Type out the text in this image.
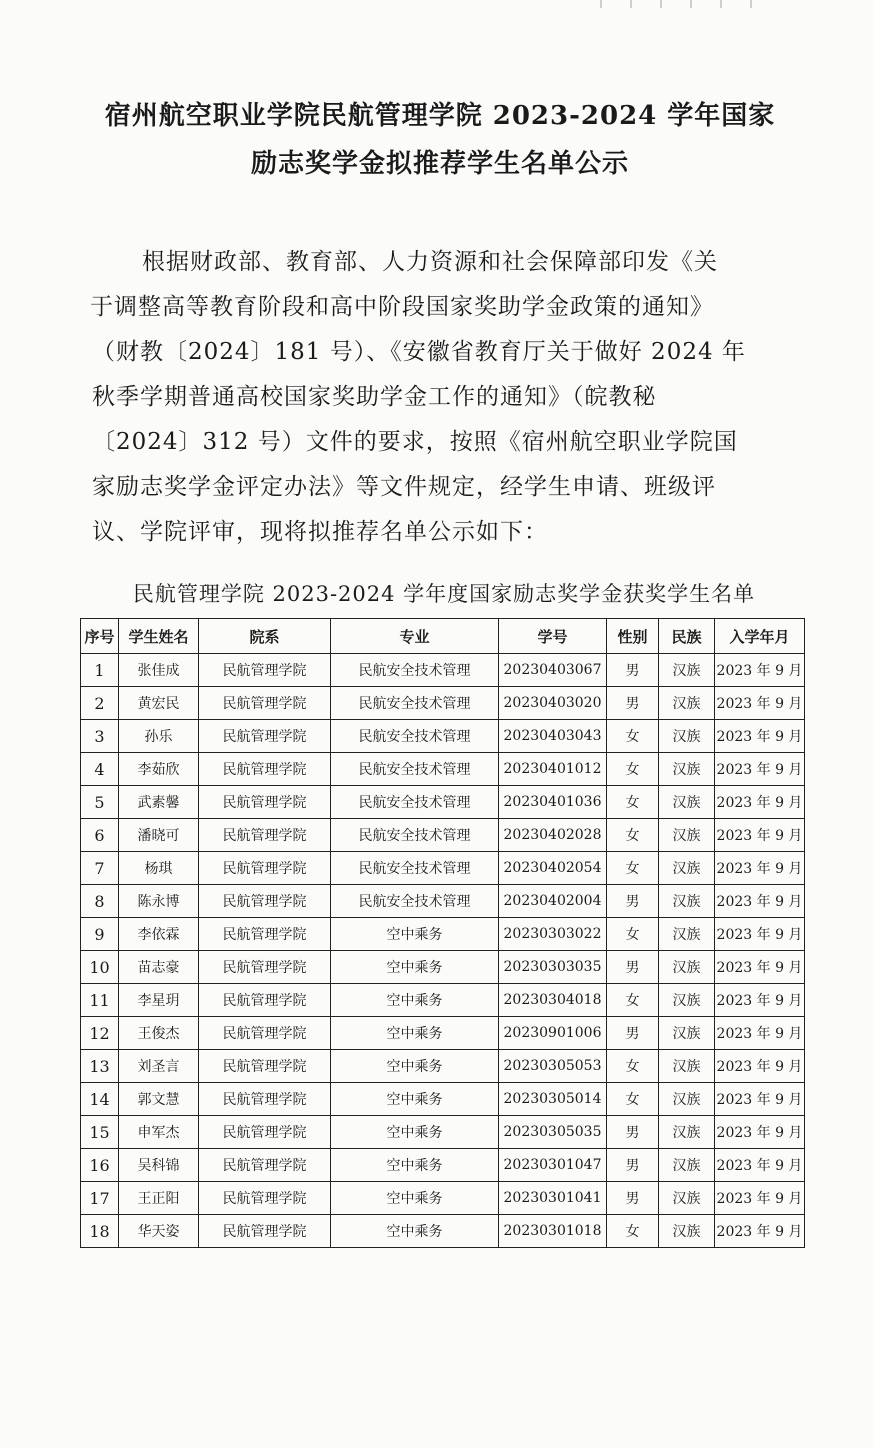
宿州航空职业学院民航管理学院 2023-2024 学年国家
励志奖学金拟推荐学生名单公示
根据财政部、教育部、人力资源和社会保障部印发《关
于调整高等教育阶段和高中阶段国家奖助学金政策的通知》
（财教〔2024〕181 号）、《安徽省教育厅关于做好 2024 年
秋季学期普通高校国家奖助学金工作的通知》（皖教秘
〔2024〕312 号）文件的要求，按照《宿州航空职业学院国
家励志奖学金评定办法》等文件规定，经学生申请、班级评
议、学院评审，现将拟推荐名单公示如下：
民航管理学院 2023-2024 学年度国家励志奖学金获奖学生名单
序号	学生姓名	院系	专业	学号	性别	民族	入学年月
1	张佳成	民航管理学院	民航安全技术管理	20230403067	男	汉族	2023 年 9 月
2	黄宏民	民航管理学院	民航安全技术管理	20230403020	男	汉族	2023 年 9 月
3	孙乐	民航管理学院	民航安全技术管理	20230403043	女	汉族	2023 年 9 月
4	李茹欣	民航管理学院	民航安全技术管理	20230401012	女	汉族	2023 年 9 月
5	武素馨	民航管理学院	民航安全技术管理	20230401036	女	汉族	2023 年 9 月
6	潘晓可	民航管理学院	民航安全技术管理	20230402028	女	汉族	2023 年 9 月
7	杨琪	民航管理学院	民航安全技术管理	20230402054	女	汉族	2023 年 9 月
8	陈永博	民航管理学院	民航安全技术管理	20230402004	男	汉族	2023 年 9 月
9	李依霖	民航管理学院	空中乘务	20230303022	女	汉族	2023 年 9 月
10	苗志豪	民航管理学院	空中乘务	20230303035	男	汉族	2023 年 9 月
11	李星玥	民航管理学院	空中乘务	20230304018	女	汉族	2023 年 9 月
12	王俊杰	民航管理学院	空中乘务	20230901006	男	汉族	2023 年 9 月
13	刘圣言	民航管理学院	空中乘务	20230305053	女	汉族	2023 年 9 月
14	郭文慧	民航管理学院	空中乘务	20230305014	女	汉族	2023 年 9 月
15	申军杰	民航管理学院	空中乘务	20230305035	男	汉族	2023 年 9 月
16	吴科锦	民航管理学院	空中乘务	20230301047	男	汉族	2023 年 9 月
17	王正阳	民航管理学院	空中乘务	20230301041	男	汉族	2023 年 9 月
18	华天姿	民航管理学院	空中乘务	20230301018	女	汉族	2023 年 9 月
